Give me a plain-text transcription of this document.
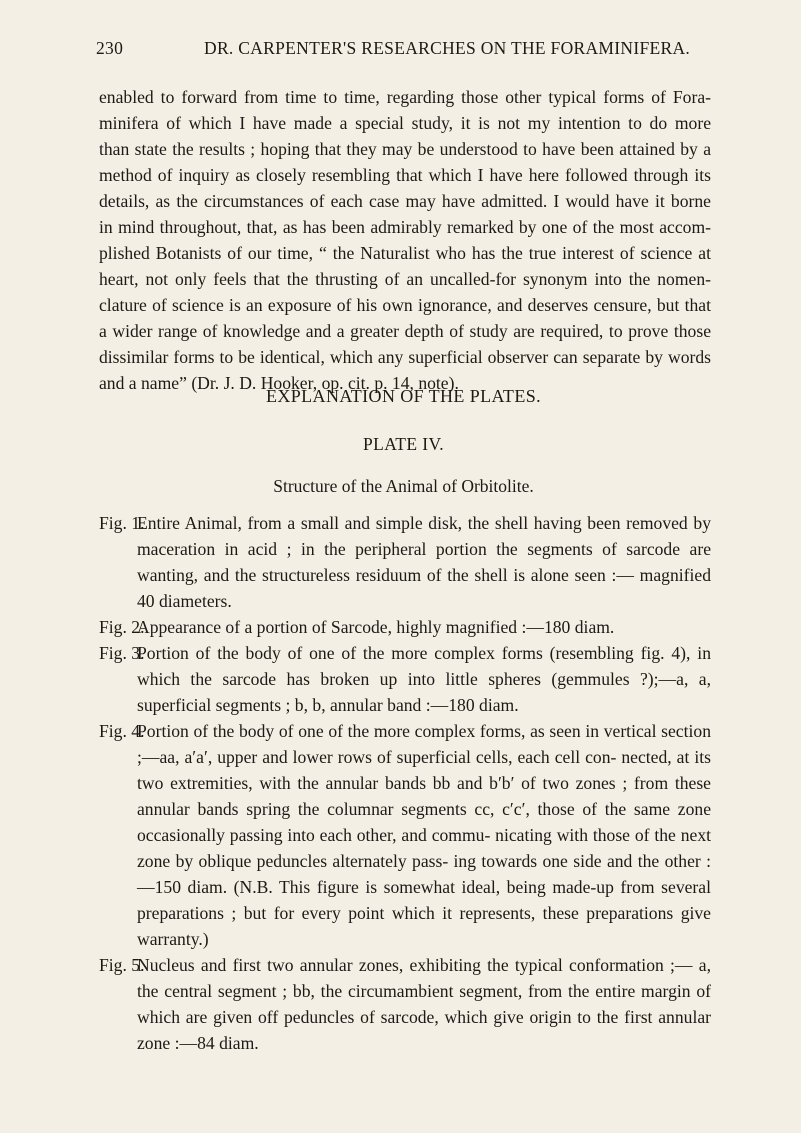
230	DR. CARPENTER'S RESEARCHES ON THE FORAMINIFERA.
enabled to forward from time to time, regarding those other typical forms of Fora-
minifera of which I have made a special study, it is not my intention to do more
than state the results ; hoping that they may be understood to have been attained by a
method of inquiry as closely resembling that which I have here followed through its
details, as the circumstances of each case may have admitted. I would have it borne
in mind throughout, that, as has been admirably remarked by one of the most accom-
plished Botanists of our time, “ the Naturalist who has the true interest of science at
heart, not only feels that the thrusting of an uncalled-for synonym into the nomen-
clature of science is an exposure of his own ignorance, and deserves censure, but that
a wider range of knowledge and a greater depth of study are required, to prove those
dissimilar forms to be identical, which any superficial observer can separate by words
and a name” (Dr. J. D. Hooker, op. cit. p. 14, note).
EXPLANATION OF THE PLATES.
PLATE IV.
Structure of the Animal of Orbitolite.
Fig. 1.
Entire Animal, from a small and simple disk, the shell having been removed by maceration in acid ; in the peripheral portion the segments of sarcode are wanting, and the structureless residuum of the shell is alone seen :— magnified 40 diameters.
Fig. 2.
Appearance of a portion of Sarcode, highly magnified :—180 diam.
Fig. 3.
Portion of the body of one of the more complex forms (resembling fig. 4), in which the sarcode has broken up into little spheres (gemmules ?);—a, a, superficial segments ; b, b, annular band :—180 diam.
Fig. 4.
Portion of the body of one of the more complex forms, as seen in vertical section ;—aa, a′a′, upper and lower rows of superficial cells, each cell con- nected, at its two extremities, with the annular bands bb and b′b′ of two zones ; from these annular bands spring the columnar segments cc, c′c′, those of the same zone occasionally passing into each other, and commu- nicating with those of the next zone by oblique peduncles alternately pass- ing towards one side and the other :—150 diam. (N.B. This figure is somewhat ideal, being made-up from several preparations ; but for every point which it represents, these preparations give warranty.)
Fig. 5.
Nucleus and first two annular zones, exhibiting the typical conformation ;— a, the central segment ; bb, the circumambient segment, from the entire margin of which are given off peduncles of sarcode, which give origin to the first annular zone :—84 diam.
